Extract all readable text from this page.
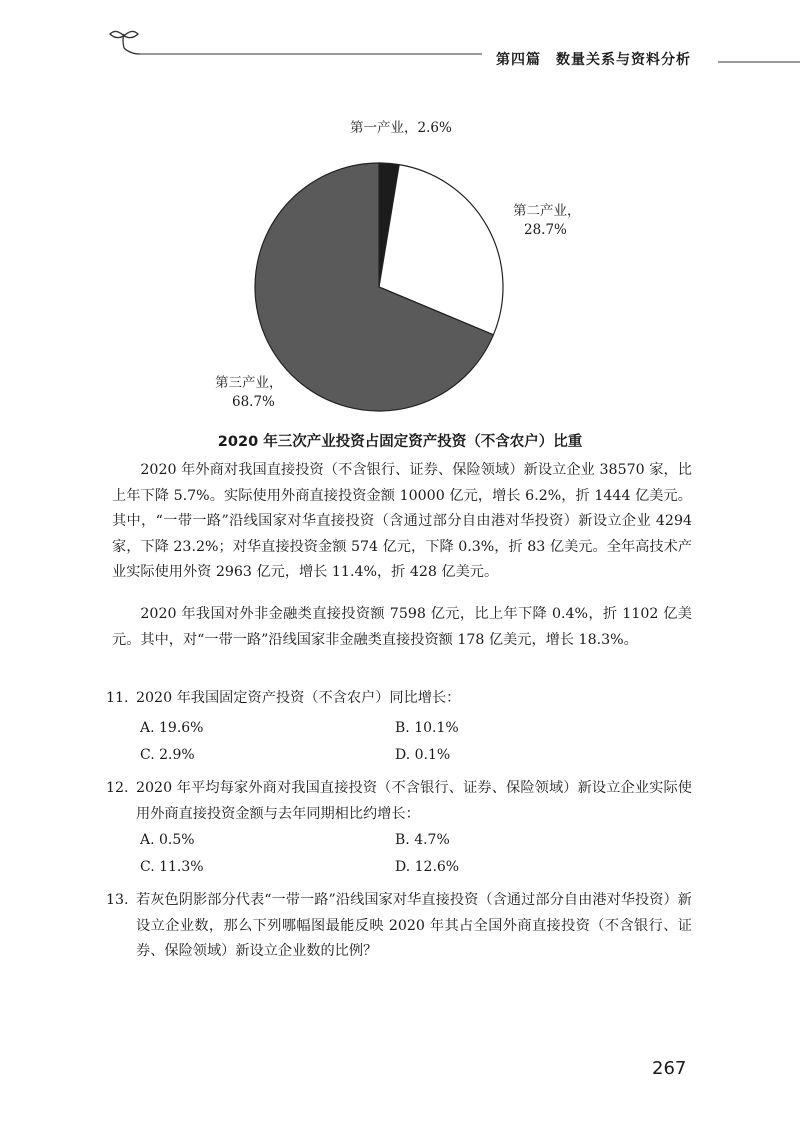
第四篇　数量关系与资料分析
第一产业，2.6%
第二产业，
28.7%
第三产业，
68.7%
2020 年三次产业投资占固定资产投资（不含农户）比重

2020 年外商对我国直接投资（不含银行、证券、保险领域）新设立企业 38570 家，比上年下降 5.7%。实际使用外商直接投资金额 10000 亿元，增长 6.2%，折 1444 亿美元。其中，“一带一路”沿线国家对华直接投资（含通过部分自由港对华投资）新设立企业 4294 家，下降 23.2%；对华直接投资金额 574 亿元，下降 0.3%，折 83 亿美元。全年高技术产业实际使用外资 2963 亿元，增长 11.4%，折 428 亿美元。

2020 年我国对外非金融类直接投资额 7598 亿元，比上年下降 0.4%，折 1102 亿美元。其中，对“一带一路”沿线国家非金融类直接投资额 178 亿美元，增长 18.3%。

11. 2020 年我国固定资产投资（不含农户）同比增长：
A. 19.6%	B. 10.1%
C. 2.9%	D. 0.1%
12. 2020 年平均每家外商对我国直接投资（不含银行、证券、保险领域）新设立企业实际使用外商直接投资金额与去年同期相比约增长：
A. 0.5%	B. 4.7%
C. 11.3%	D. 12.6%
13. 若灰色阴影部分代表“一带一路”沿线国家对华直接投资（含通过部分自由港对华投资）新设立企业数，那么下列哪幅图最能反映 2020 年其占全国外商直接投资（不含银行、证券、保险领域）新设立企业数的比例？
267
